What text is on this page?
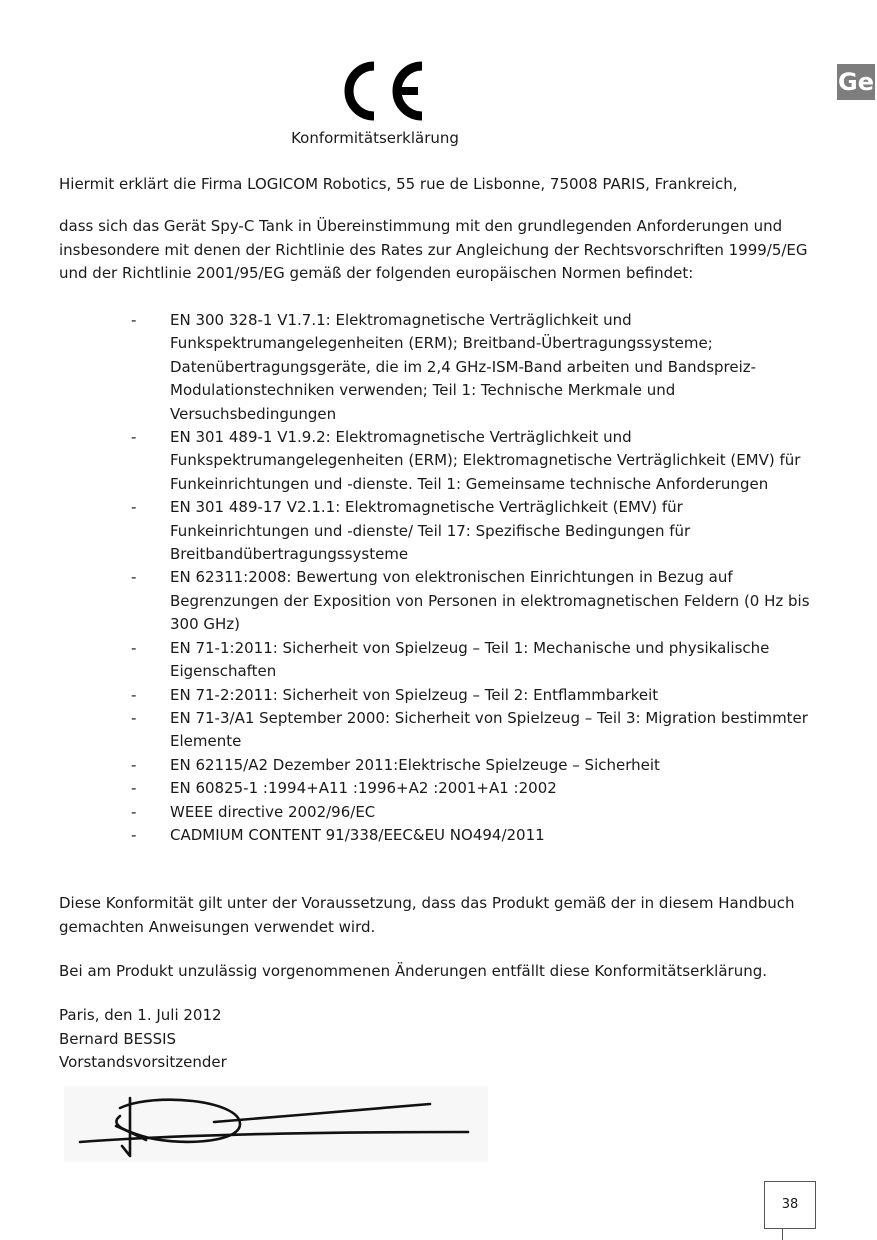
Konformitätserklärung
Ge

Hiermit erklärt die Firma LOGICOM Robotics, 55 rue de Lisbonne, 75008 PARIS, Frankreich,

dass sich das Gerät Spy-C Tank in Übereinstimmung mit den grundlegenden Anforderungen und insbesondere mit denen der Richtlinie des Rates zur Angleichung der Rechtsvorschriften 1999/5/EG und der Richtlinie 2001/95/EG gemäß der folgenden europäischen Normen befindet:

- EN 300 328-1 V1.7.1: Elektromagnetische Verträglichkeit und Funkspektrumangelegenheiten (ERM); Breitband-Übertragungssysteme; Datenübertragungsgeräte, die im 2,4 GHz-ISM-Band arbeiten und Bandspreiz-Modulationstechniken verwenden; Teil 1: Technische Merkmale und Versuchsbedingungen
- EN 301 489-1 V1.9.2: Elektromagnetische Verträglichkeit und Funkspektrumangelegenheiten (ERM); Elektromagnetische Verträglichkeit (EMV) für Funkeinrichtungen und -dienste. Teil 1: Gemeinsame technische Anforderungen
- EN 301 489-17 V2.1.1: Elektromagnetische Verträglichkeit (EMV) für Funkeinrichtungen und -dienste/ Teil 17: Spezifische Bedingungen für Breitbandübertragungssysteme
- EN 62311:2008: Bewertung von elektronischen Einrichtungen in Bezug auf Begrenzungen der Exposition von Personen in elektromagnetischen Feldern (0 Hz bis 300 GHz)
- EN 71-1:2011: Sicherheit von Spielzeug – Teil 1: Mechanische und physikalische Eigenschaften
- EN 71-2:2011: Sicherheit von Spielzeug – Teil 2: Entflammbarkeit
- EN 71-3/A1 September 2000: Sicherheit von Spielzeug – Teil 3: Migration bestimmter Elemente
- EN 62115/A2 Dezember 2011:Elektrische Spielzeuge – Sicherheit
- EN 60825-1 :1994+A11 :1996+A2 :2001+A1 :2002
- WEEE directive 2002/96/EC
- CADMIUM CONTENT 91/338/EEC&EU NO494/2011

Diese Konformität gilt unter der Voraussetzung, dass das Produkt gemäß der in diesem Handbuch gemachten Anweisungen verwendet wird.

Bei am Produkt unzulässig vorgenommenen Änderungen entfällt diese Konformitätserklärung.

Paris, den 1. Juli 2012
Bernard BESSIS
Vorstandsvorsitzender
38
